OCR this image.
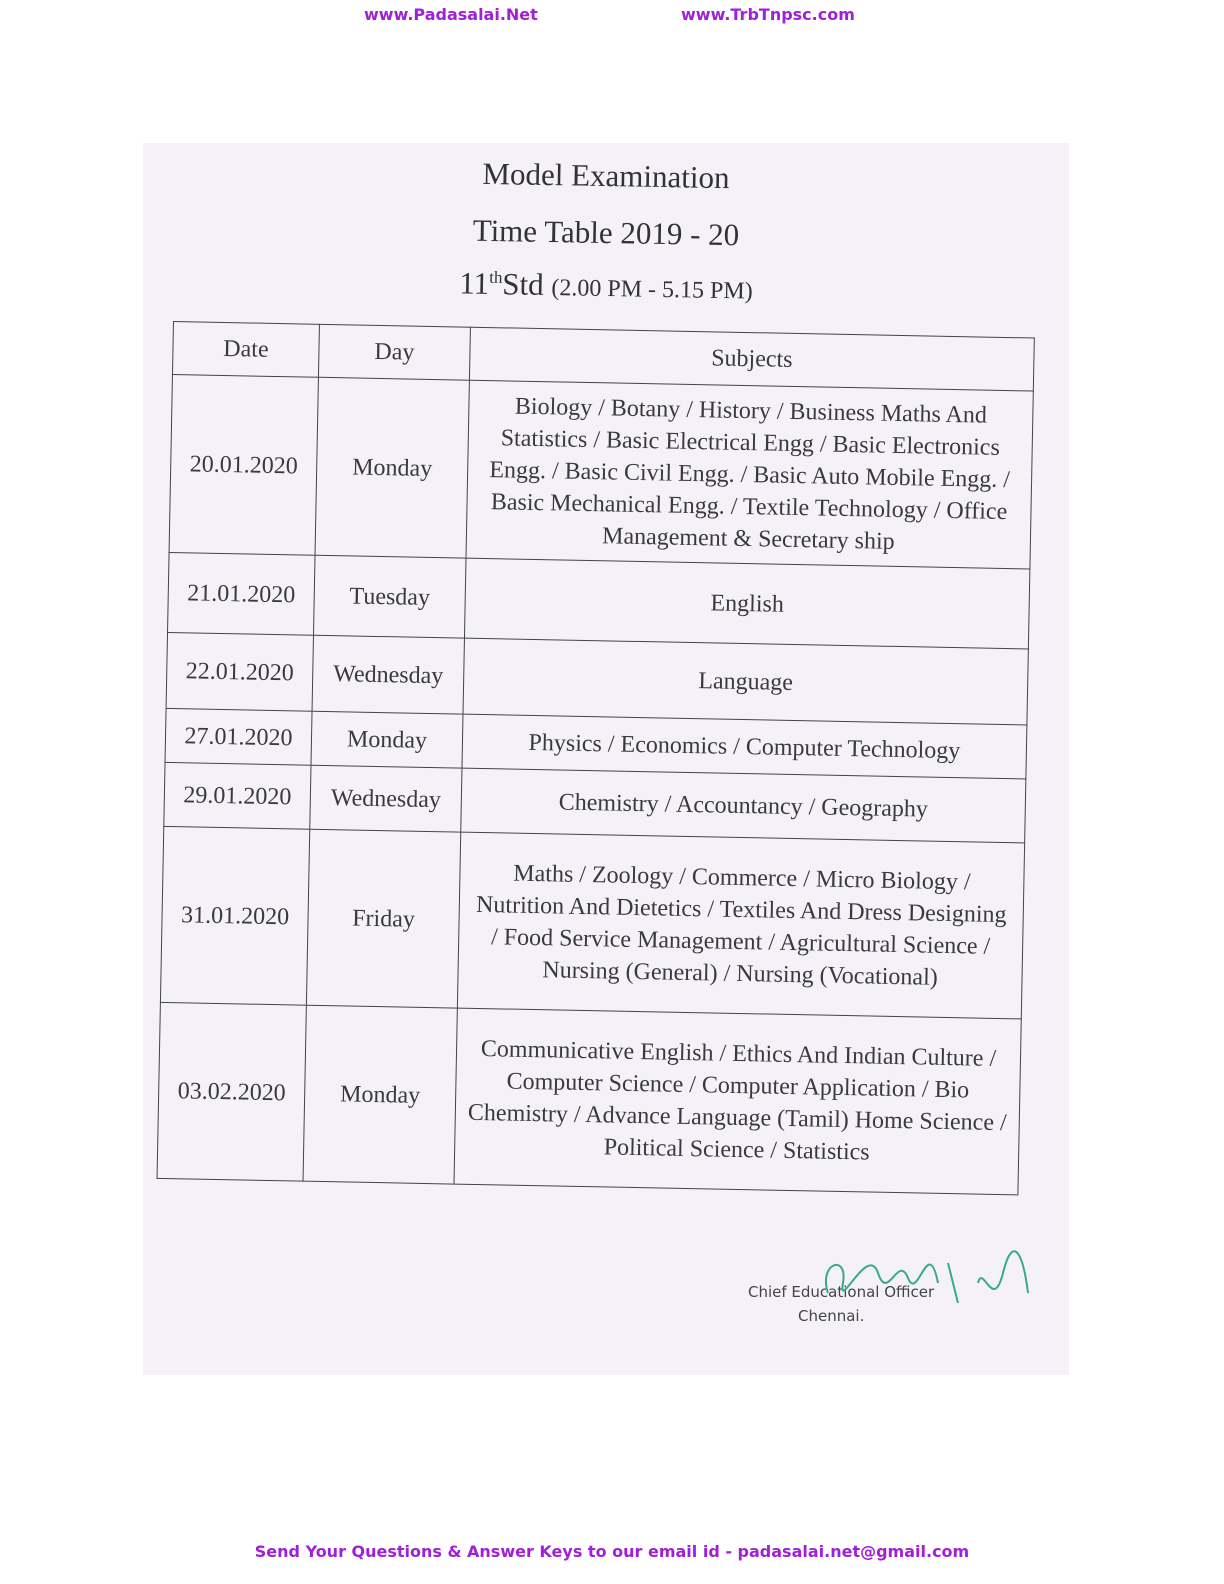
www.Padasalai.Net	www.TrbTnpsc.com
Model Examination
Time Table 2019 - 20
11thStd (2.00 PM - 5.15 PM)
Date	Day	Subjects
20.01.2020	Monday	Biology / Botany / History / Business Maths And Statistics / Basic Electrical Engg / Basic Electronics Engg. / Basic Civil Engg. / Basic Auto Mobile Engg. / Basic Mechanical Engg. / Textile Technology / Office Management & Secretary ship
21.01.2020	Tuesday	English
22.01.2020	Wednesday	Language
27.01.2020	Monday	Physics / Economics / Computer Technology
29.01.2020	Wednesday	Chemistry / Accountancy / Geography
31.01.2020	Friday	Maths / Zoology / Commerce / Micro Biology / Nutrition And Dietetics / Textiles And Dress Designing / Food Service Management / Agricultural Science / Nursing (General) / Nursing (Vocational)
03.02.2020	Monday	Communicative English / Ethics And Indian Culture / Computer Science / Computer Application / Bio Chemistry / Advance Language (Tamil) Home Science / Political Science / Statistics
Chief Educational Officer
Chennai.
Send Your Questions & Answer Keys to our email id - padasalai.net@gmail.com
